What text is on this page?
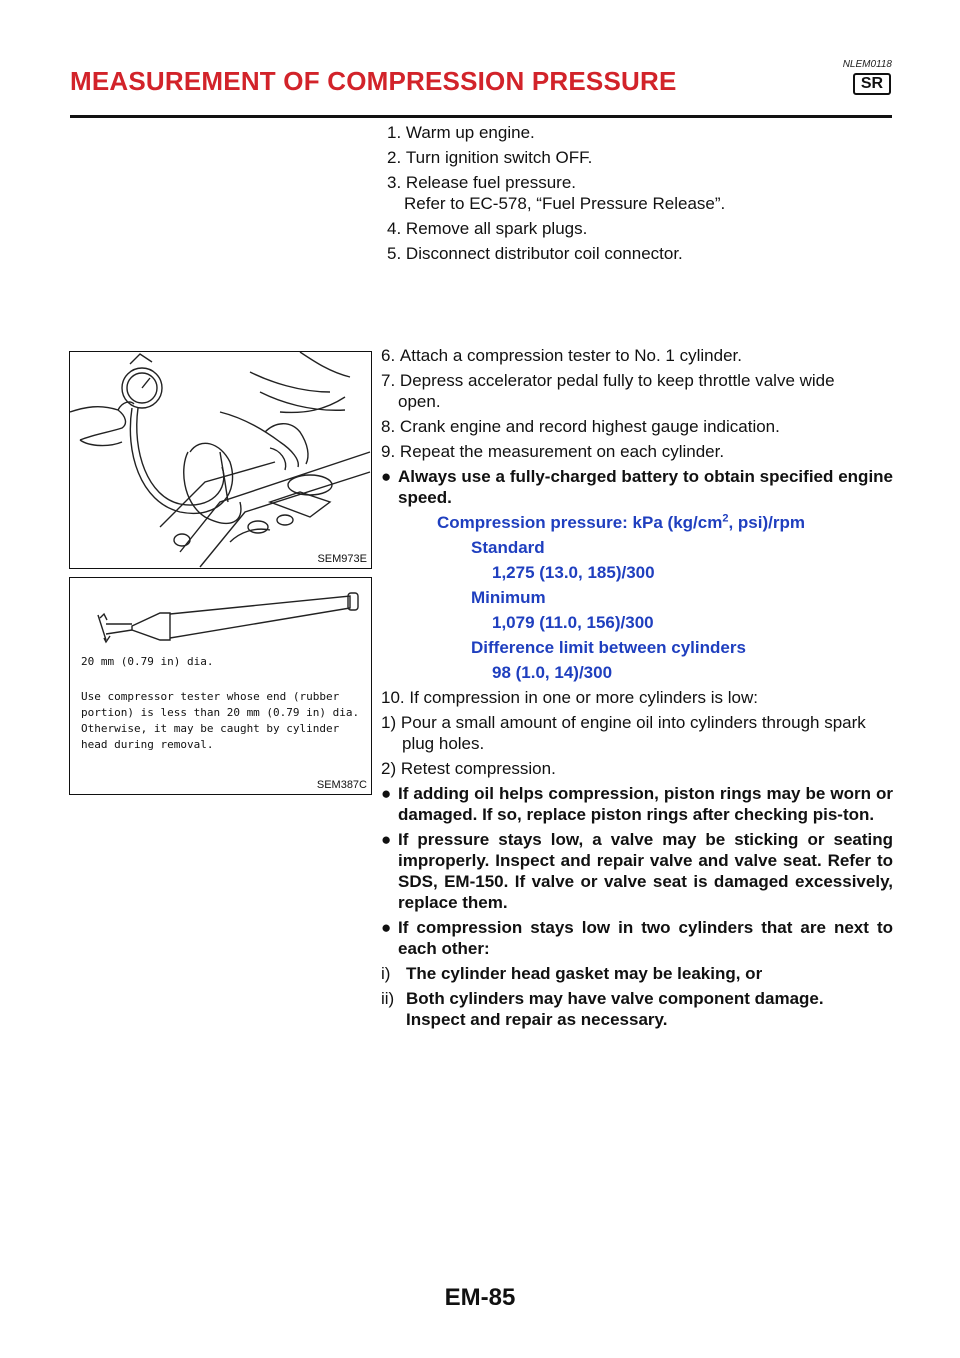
NLEM0118
MEASUREMENT OF COMPRESSION PRESSURE	SR
1.
Warm up engine.
2.
Turn ignition switch OFF.
3.
Release fuel pressure.
Refer to EC-578, “Fuel Pressure Release”.
4.
Remove all spark plugs.
5.
Disconnect distributor coil connector.
SEM973E
20 mm (0.79 in) dia.
Use compressor tester whose end (rubber
portion) is less than 20 mm (0.79 in) dia.
Otherwise, it may be caught by cylinder
head during removal.
SEM387C
6.
Attach a compression tester to No. 1 cylinder.
7.
Depress accelerator pedal fully to keep throttle valve wide
open.
8.
Crank engine and record highest gauge indication.
9.
Repeat the measurement on each cylinder.
● Always use a fully-charged battery to obtain specified engine speed.
Compression pressure: kPa ($kg/cm^2$, psi)/rpm
Standard
1,275 (13.0, 185)/300
Minimum
1,079 (11.0, 156)/300
Difference limit between cylinders
98 (1.0, 14)/300
10.
If compression in one or more cylinders is low:
1)
Pour a small amount of engine oil into cylinders through spark
plug holes.
2)
Retest compression.
● If adding oil helps compression, piston rings may be worn or damaged. If so, replace piston rings after checking pis-ton.
● If pressure stays low, a valve may be sticking or seating improperly. Inspect and repair valve and valve seat. Refer to SDS, EM-150. If valve or valve seat is damaged excessively, replace them.
● If compression stays low in two cylinders that are next to each other:
i) The cylinder head gasket may be leaking, or
ii) Both cylinders may have valve component damage.
Inspect and repair as necessary.
EM-85
